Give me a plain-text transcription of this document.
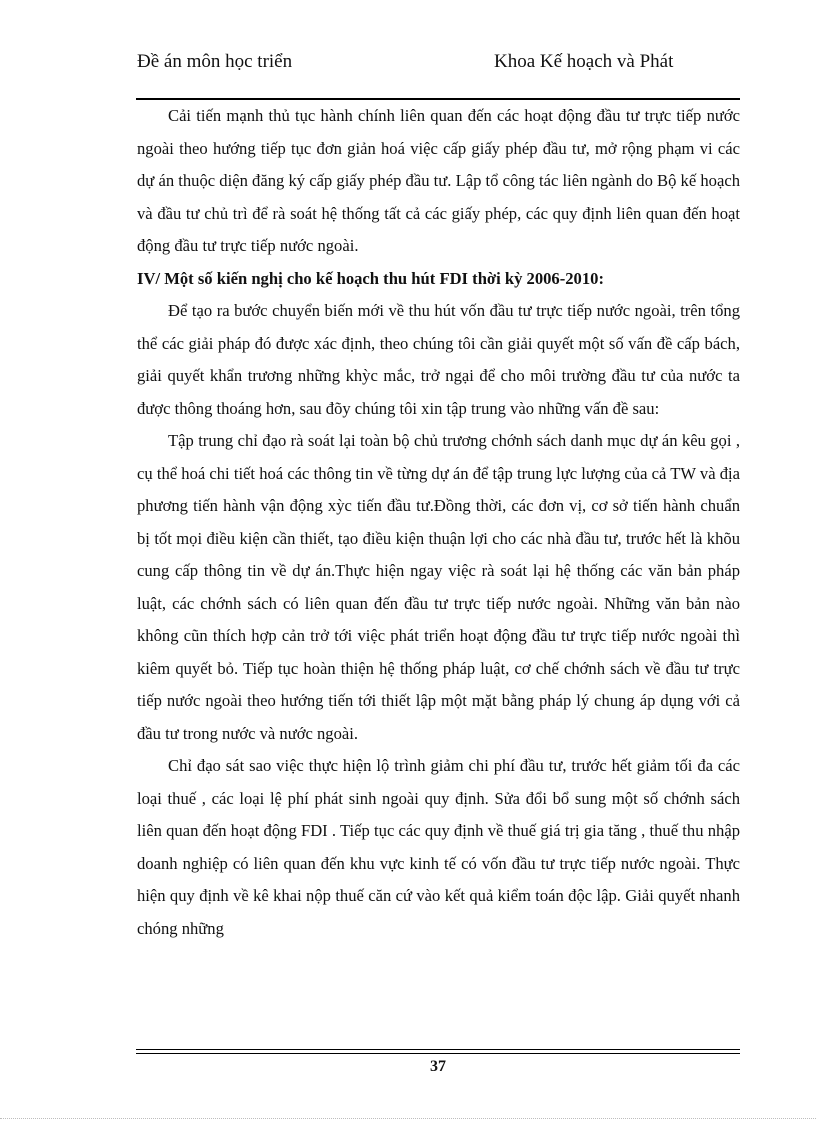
Đề án môn học triển	Khoa Kế hoạch và Phát

Cải tiến mạnh thủ tục hành chính liên quan đến các hoạt động đầu tư trực tiếp nước ngoài theo hướng tiếp tục đơn giản hoá việc cấp giấy phép đầu tư, mở rộng phạm vi các dự án thuộc diện đăng ký cấp giấy phép đầu tư. Lập tổ công tác liên ngành do Bộ kế hoạch và đầu tư chủ trì để rà soát hệ thống tất cả các giấy phép, các quy định liên quan đến hoạt động đầu tư trực tiếp nước ngoài.

IV/ Một số kiến nghị cho kế hoạch thu hút FDI thời kỳ 2006-2010:

Để tạo ra bước chuyển biến mới về thu hút vốn đầu tư trực tiếp nước ngoài, trên tổng thể các giải pháp đó được xác định, theo chúng tôi cần giải quyết một số vấn đề cấp bách, giải quyết khẩn trương những khỳc mắc, trở ngại để cho môi trường đầu tư của nước ta được thông thoáng hơn, sau đõy chúng tôi xin tập trung vào những vấn đề sau:

Tập trung chỉ đạo rà soát lại toàn bộ chủ trương chớnh sách danh mục dự án kêu gọi , cụ thể hoá chi tiết hoá các thông tin về từng dự án để tập trung lực lượng của cả TW và địa phương tiến hành vận động xỳc tiến đầu tư.Đồng thời, các đơn vị, cơ sở tiến hành chuẩn bị tốt mọi điều kiện cần thiết, tạo điều kiện thuận lợi cho các nhà đầu tư, trước hết là khõu cung cấp thông tin về dự án.Thực hiện ngay việc rà soát lại hệ thống các văn bản pháp luật, các chớnh sách có liên quan đến đầu tư trực tiếp nước ngoài. Những văn bản nào không cũn thích hợp cản trở tới việc phát triển hoạt động đầu tư trực tiếp nước ngoài thì kiêm quyết bỏ. Tiếp tục hoàn thiện hệ thống pháp luật, cơ chế chớnh sách về đầu tư trực tiếp nước ngoài theo hướng tiến tới thiết lập một mặt bằng pháp lý chung áp dụng với cả đầu tư trong nước và nước ngoài.

Chỉ đạo sát sao việc thực hiện lộ trình giảm chi phí đầu tư, trước hết giảm tối đa các loại thuế , các loại lệ phí phát sinh ngoài quy định. Sửa đổi bổ sung một số chớnh sách liên quan đến hoạt động FDI . Tiếp tục các quy định về thuế giá trị gia tăng , thuế thu nhập doanh nghiệp có liên quan đến khu vực kinh tế có vốn đầu tư trực tiếp nước ngoài. Thực hiện quy định về kê khai nộp thuế căn cứ vào kết quả kiểm toán độc lập. Giải quyết nhanh chóng những

37
